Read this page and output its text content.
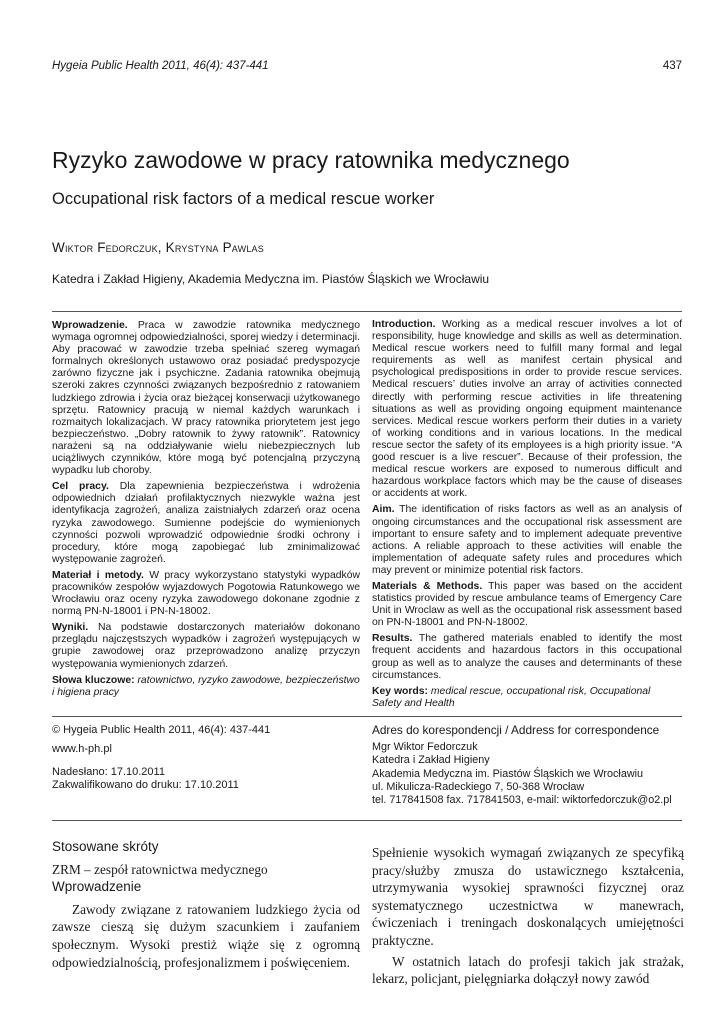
Hygeia Public Health 2011, 46(4): 437-441	437
Ryzyko zawodowe w pracy ratownika medycznego
Occupational risk factors of a medical rescue worker
Wiktor Fedorczuk, Krystyna Pawlas
Katedra i Zakład Higieny, Akademia Medyczna im. Piastów Śląskich we Wrocławiu

Wprowadzenie. Praca w zawodzie ratownika medycznego wymaga ogromnej odpowiedzialności, sporej wiedzy i determinacji. Aby pracować w zawodzie trzeba spełniać szereg wymagań formalnych określonych ustawowo oraz posiadać predyspozycje zarówno fizyczne jak i psychiczne. Zadania ratownika obejmują szeroki zakres czynności związanych bezpośrednio z ratowaniem ludzkiego zdrowia i życia oraz bieżącej konserwacji użytkowanego sprzętu. Ratownicy pracują w niemal każdych warunkach i rozmaitych lokalizacjach. W pracy ratownika priorytetem jest jego bezpieczeństwo. „Dobry ratownik to żywy ratownik”. Ratownicy narażeni są na oddziaływanie wielu niebezpiecznych lub uciążliwych czynników, które mogą być potencjalną przyczyną wypadku lub choroby.

Cel pracy. Dla zapewnienia bezpieczeństwa i wdrożenia odpowiednich działań profilaktycznych niezwykle ważna jest identyfikacja zagrożeń, analiza zaistniałych zdarzeń oraz ocena ryzyka zawodowego. Sumienne podejście do wymienionych czynności pozwoli wprowadzić odpowiednie środki ochrony i procedury, które mogą zapobiegać lub zminimalizować występowanie zagrożeń.

Materiał i metody. W pracy wykorzystano statystyki wypadków pracowników zespołów wyjazdowych Pogotowia Ratunkowego we Wrocławiu oraz oceny ryzyka zawodowego dokonane zgodnie z normą PN-N-18001 i PN-N-18002.

Wyniki. Na podstawie dostarczonych materiałów dokonano przeglądu najczęstszych wypadków i zagrożeń występujących w grupie zawodowej oraz przeprowadzono analizę przyczyn występowania wymienionych zdarzeń.

Słowa kluczowe: ratownictwo, ryzyko zawodowe, bezpieczeństwo i higiena pracy

Introduction. Working as a medical rescuer involves a lot of responsibility, huge knowledge and skills as well as determination. Medical rescue workers need to fulfill many formal and legal requirements as well as manifest certain physical and psychological predispositions in order to provide rescue services. Medical rescuers’ duties involve an array of activities connected directly with performing rescue activities in life threatening situations as well as providing ongoing equipment maintenance services. Medical rescue workers perform their duties in a variety of working conditions and in various locations. In the medical rescue sector the safety of its employees is a high priority issue. “A good rescuer is a live rescuer”. Because of their profession, the medical rescue workers are exposed to numerous difficult and hazardous workplace factors which may be the cause of diseases or accidents at work.

Aim. The identification of risks factors as well as an analysis of ongoing circumstances and the occupational risk assessment are important to ensure safety and to implement adequate preventive actions. A reliable approach to these activities will enable the implementation of adequate safety rules and procedures which may prevent or minimize potential risk factors.

Materials & Methods. This paper was based on the accident statistics provided by rescue ambulance teams of Emergency Care Unit in Wroclaw as well as the occupational risk assessment based on PN-N-18001 and PN-N-18002.

Results. The gathered materials enabled to identify the most frequent accidents and hazardous factors in this occupational group as well as to analyze the causes and determinants of these circumstances.

Key words: medical rescue, occupational risk, Occupational Safety and Health

© Hygeia Public Health 2011, 46(4): 437-441
www.h-ph.pl
Nadesłano: 17.10.2011
Zakwalifikowano do druku: 17.10.2011
Adres do korespondencji / Address for correspondence
Mgr Wiktor Fedorczuk
Katedra i Zakład Higieny
Akademia Medyczna im. Piastów Śląskich we Wrocławiu
ul. Mikulicza-Radeckiego 7, 50-368 Wrocław
tel. 717841508 fax. 717841503, e-mail: wiktorfedorczuk@o2.pl
Stosowane skróty

ZRM – zespół ratownictwa medycznego

Wprowadzenie

Zawody związane z ratowaniem ludzkiego życia od zawsze cieszą się dużym szacunkiem i zaufaniem społecznym. Wysoki prestiż wiąże się z ogromną odpowiedzialnością, profesjonalizmem i poświęceniem.

Spełnienie wysokich wymagań związanych ze specyfiką pracy/służby zmusza do ustawicznego kształcenia, utrzymywania wysokiej sprawności fizycznej oraz systematycznego uczestnictwa w manewrach, ćwiczeniach i treningach doskonalących umiejętności praktyczne.

W ostatnich latach do profesji takich jak strażak, lekarz, policjant, pielęgniarka dołączył nowy zawód
